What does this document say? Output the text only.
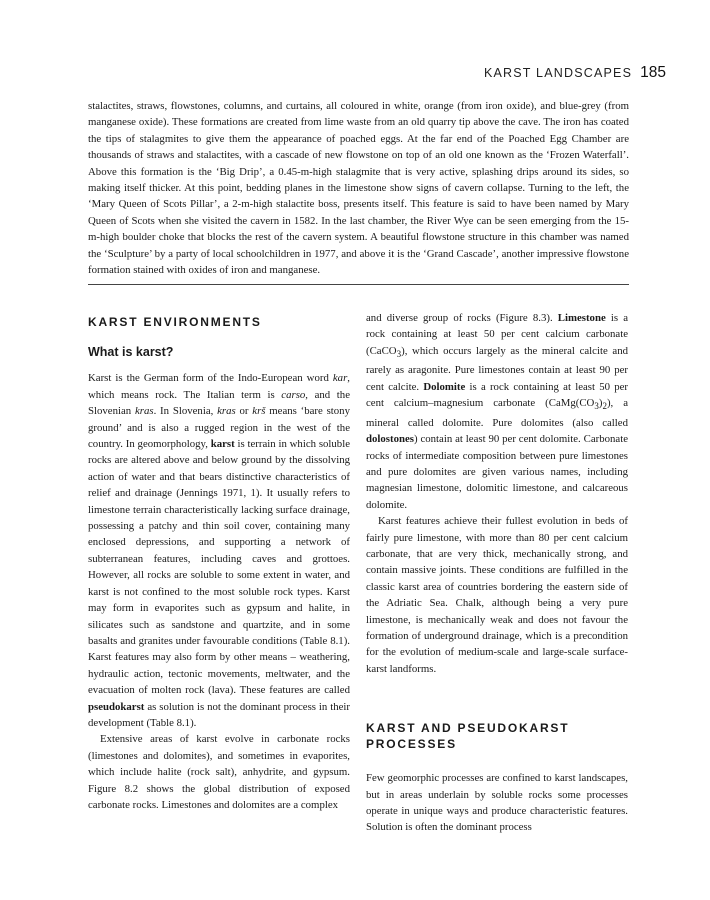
KARST LANDSCAPES 185

stalactites, straws, flowstones, columns, and curtains, all coloured in white, orange (from iron oxide), and blue-grey (from manganese oxide). These formations are created from lime waste from an old quarry tip above the cave. The iron has coated the tips of stalagmites to give them the appearance of poached eggs. At the far end of the Poached Egg Chamber are thousands of straws and stalactites, with a cascade of new flowstone on top of an old one known as the ‘Frozen Waterfall’. Above this formation is the ‘Big Drip’, a 0.45-m-high stalagmite that is very active, splashing drips around its sides, so making itself thicker. At this point, bedding planes in the limestone show signs of cavern collapse. Turning to the left, the ‘Mary Queen of Scots Pillar’, a 2-m-high stalactite boss, presents itself. This feature is said to have been named by Mary Queen of Scots when she visited the cavern in 1582. In the last chamber, the River Wye can be seen emerging from the 15-m-high boulder choke that blocks the rest of the cavern system. A beautiful flowstone structure in this chamber was named the ‘Sculpture’ by a party of local schoolchildren in 1977, and above it is the ‘Grand Cascade’, another impressive flowstone formation stained with oxides of iron and manganese.

KARST ENVIRONMENTS
What is karst?

Karst is the German form of the Indo-European word kar, which means rock. The Italian term is carso, and the Slovenian kras. In Slovenia, kras or krš means ‘bare stony ground’ and is also a rugged region in the west of the country. In geomorphology, karst is terrain in which soluble rocks are altered above and below ground by the dissolving action of water and that bears distinctive characteristics of relief and drainage (Jennings 1971, 1). It usually refers to limestone terrain characteristically lacking surface drainage, possessing a patchy and thin soil cover, containing many enclosed depressions, and supporting a network of subterranean features, including caves and grottoes. However, all rocks are soluble to some extent in water, and karst is not confined to the most soluble rock types. Karst may form in evaporites such as gypsum and halite, in silicates such as sandstone and quartzite, and in some basalts and granites under favourable conditions (Table 8.1). Karst features may also form by other means – weathering, hydraulic action, tectonic movements, meltwater, and the evacuation of molten rock (lava). These features are called pseudokarst as solution is not the dominant process in their development (Table 8.1).

Extensive areas of karst evolve in carbonate rocks (limestones and dolomites), and sometimes in evaporites, which include halite (rock salt), anhydrite, and gypsum. Figure 8.2 shows the global distribution of exposed carbonate rocks. Limestones and dolomites are a complex

and diverse group of rocks (Figure 8.3). Limestone is a rock containing at least 50 per cent calcium carbonate (CaCO$_3$), which occurs largely as the mineral calcite and rarely as aragonite. Pure limestones contain at least 90 per cent calcite. Dolomite is a rock containing at least 50 per cent calcium–magnesium carbonate $(CaMg(CO_3)_2)$, a mineral called dolomite. Pure dolomites (also called dolostones) contain at least 90 per cent dolomite. Carbonate rocks of intermediate composition between pure limestones and pure dolomites are given various names, including magnesian limestone, dolomitic limestone, and calcareous dolomite.

Karst features achieve their fullest evolution in beds of fairly pure limestone, with more than 80 per cent calcium carbonate, that are very thick, mechanically strong, and contain massive joints. These conditions are fulfilled in the classic karst area of countries bordering the eastern side of the Adriatic Sea. Chalk, although being a very pure limestone, is mechanically weak and does not favour the formation of underground drainage, which is a precondition for the evolution of medium-scale and large-scale surface-karst landforms.

KARST AND PSEUDOKARST PROCESSES

Few geomorphic processes are confined to karst landscapes, but in areas underlain by soluble rocks some processes operate in unique ways and produce characteristic features. Solution is often the dominant process
